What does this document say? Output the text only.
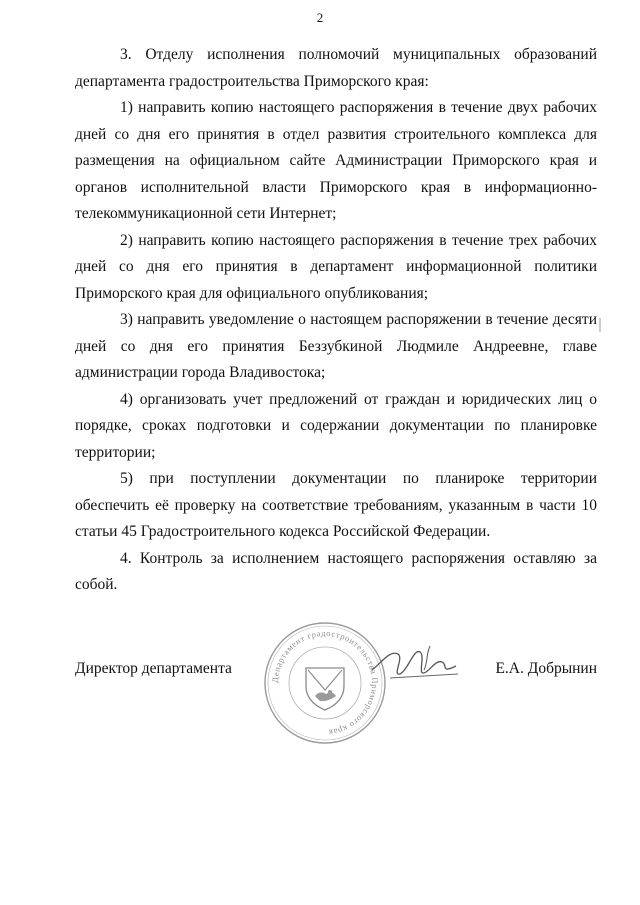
2

3. Отделу исполнения полномочий муниципальных образований департамента градостроительства Приморского края:

1) направить копию настоящего распоряжения в течение двух рабочих дней со дня его принятия в отдел развития строительного комплекса для размещения на официальном сайте Администрации Приморского края и органов исполнительной власти Приморского края в информационно-телекоммуникационной сети Интернет;

2) направить копию настоящего распоряжения в течение трех рабочих дней со дня его принятия в департамент информационной политики Приморского края для официального опубликования;

3) направить уведомление о настоящем распоряжении в течение десяти дней со дня его принятия Беззубкиной Людмиле Андреевне, главе администрации города Владивостока;

4) организовать учет предложений от граждан и юридических лиц о порядке, сроках подготовки и содержании документации по планировке территории;

5) при поступлении документации по планироке территории обеспечить её проверку на соответствие требованиям, указанным в части 10 статьи 45 Градостроительного кодекса Российской Федерации.

4. Контроль за исполнением настоящего распоряжения оставляю за собой.

Департамент градостроительства Приморского края
Директор департамента	Е.А. Добрынин
